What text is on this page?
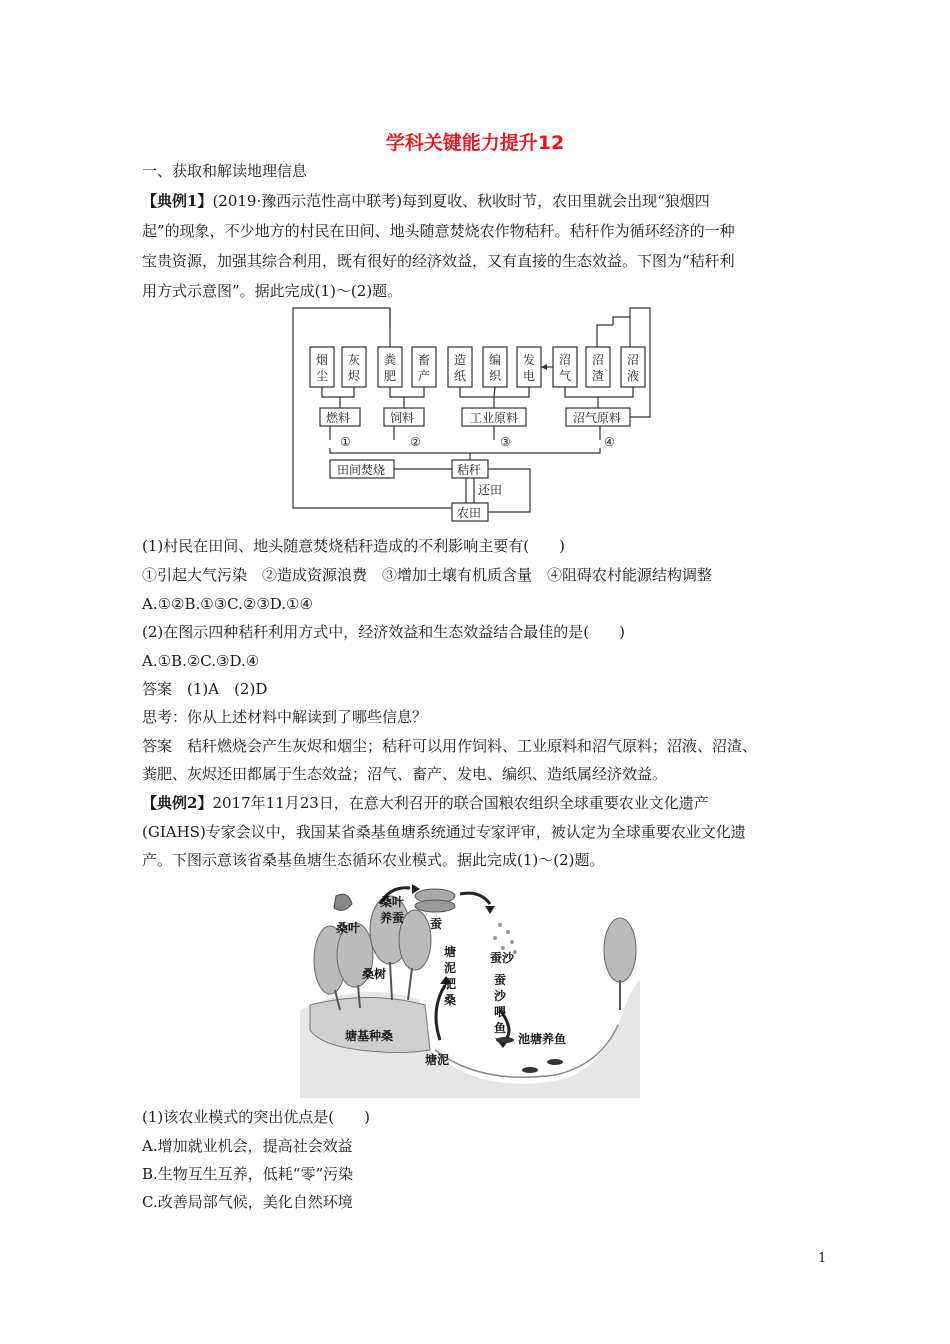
学科关键能力提升12
一、获取和解读地理信息
【典例1】(2019·豫西示范性高中联考)每到夏收、秋收时节，农田里就会出现“狼烟四
起”的现象，不少地方的村民在田间、地头随意焚烧农作物秸秆。秸秆作为循环经济的一种
宝贵资源，加强其综合利用，既有很好的经济效益，又有直接的生态效益。下图为“秸秆利
用方式示意图”。据此完成(1)～(2)题。
烟
尘
灰
烬
粪
肥
畜
产
造
纸
编
织
发
电
沼
气
沼
渣
沼
液
燃料	饲料	工业原料	沼气原料
①	②	③	④
田间焚烧	秸秆
农田
还田
(1)村民在田间、地头随意焚烧秸秆造成的不利影响主要有(　　)
①引起大气污染　②造成资源浪费　③增加土壤有机质含量　④阻碍农村能源结构调整
A.①②B.①③C.②③D.①④
(2)在图示四种秸秆利用方式中，经济效益和生态效益结合最佳的是(　　)
A.①B.②C.③D.④
答案　(1)A　(2)D
思考：你从上述材料中解读到了哪些信息？
答案　秸秆燃烧会产生灰烬和烟尘；秸秆可以用作饲料、工业原料和沼气原料；沼液、沼渣、
粪肥、灰烬还田都属于生态效益；沼气、畜产、发电、编织、造纸属经济效益。
【典例2】2017年11月23日，在意大利召开的联合国粮农组织全球重要农业文化遗产
(GIAHS)专家会议中，我国某省桑基鱼塘系统通过专家评审，被认定为全球重要农业文化遗
产。下图示意该省桑基鱼塘生态循环农业模式。据此完成(1)～(2)题。
桑叶
桑叶
养蚕 蚕
蚕沙
蚕
沙
喂
鱼
桑树
塘
泥
肥
桑
塘基种桑
塘泥
池塘养鱼
(1)该农业模式的突出优点是(　　)
A.增加就业机会，提高社会效益
B.生物互生互养，低耗“零”污染
C.改善局部气候，美化自然环境
1
